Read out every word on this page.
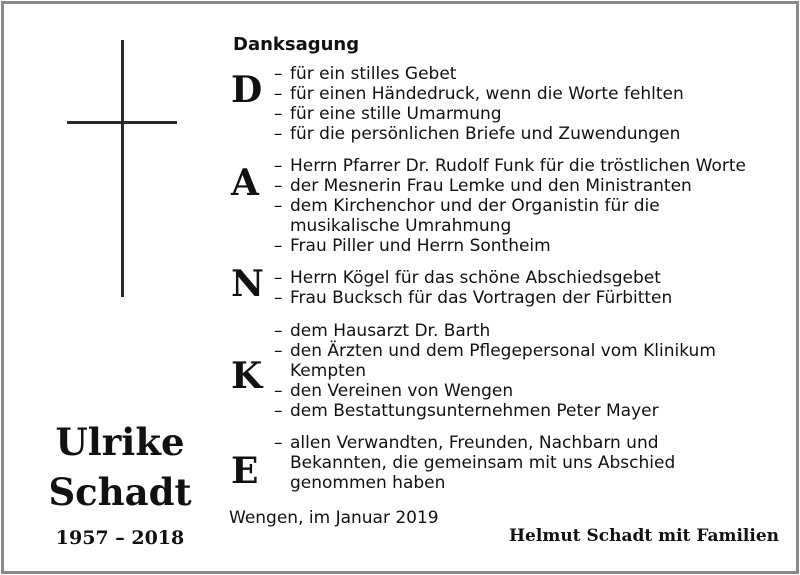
Danksagung
D	– für ein stilles Gebet
– für einen Händedruck, wenn die Worte fehlten
– für eine stille Umarmung
– für die persönlichen Briefe und Zuwendungen
A	– Herrn Pfarrer Dr. Rudolf Funk für die tröstlichen Worte
– der Mesnerin Frau Lemke und den Ministranten
– dem Kirchenchor und der Organistin für die
musikalische Umrahmung
– Frau Piller und Herrn Sontheim
N	– Herrn Kögel für das schöne Abschiedsgebet
– Frau Bucksch für das Vortragen der Fürbitten
K
– dem Hausarzt Dr. Barth
– den Ärzten und dem Pflegepersonal vom Klinikum
Kempten
– den Vereinen von Wengen
– dem Bestattungsunternehmen Peter Mayer
E
– allen Verwandten, Freunden, Nachbarn und
Bekannten, die gemeinsam mit uns Abschied
genommen haben
Ulrike
Schadt
1957 – 2018
Wengen, im Januar 2019
Helmut Schadt mit Familien
